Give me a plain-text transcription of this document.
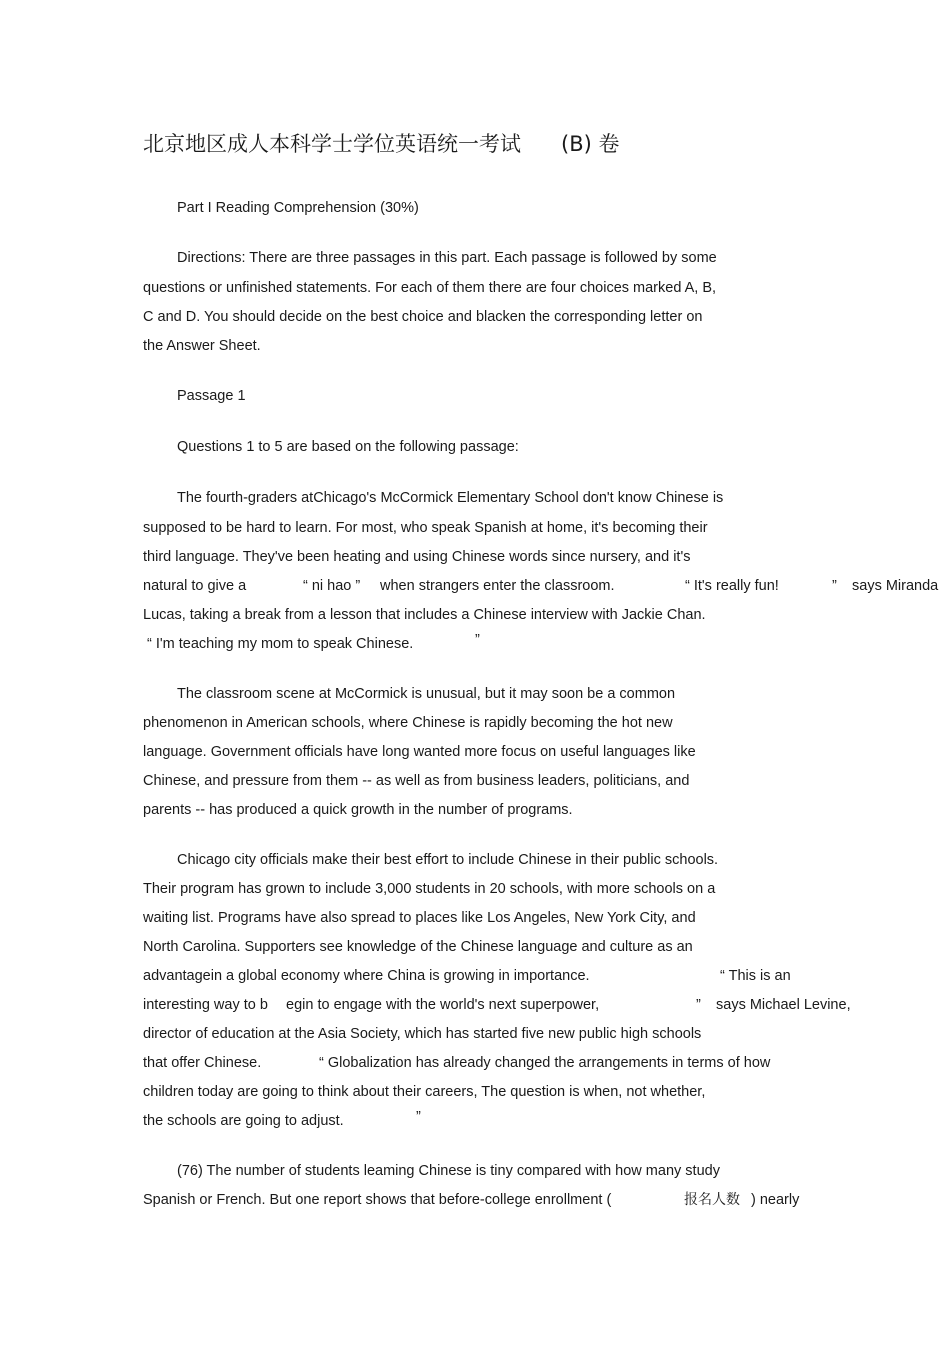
北京地区成人本科学士学位英语统一考试 (B) 卷
Part I Reading Comprehension (30%)
Directions: There are three passages in this part. Each passage is followed by some
questions or unfinished statements. For each of them there are four choices marked A, B,
C and D. You should decide on the best choice and blacken the corresponding letter on
the Answer Sheet.
Passage 1
Questions 1 to 5 are based on the following passage:
The fourth-graders atChicago's McCormick Elementary School don't know Chinese is
supposed to be hard to learn. For most, who speak Spanish at home, it's becoming their
third language. They've been heating and using Chinese words since nursery, and it's
natural to give a	“ ni hao ” when strangers enter the classroom.	“ It's really fun!	” says Miranda
Lucas, taking a break from a lesson that includes a Chinese interview with Jackie Chan.
“ I'm teaching my mom to speak Chinese.	”
The classroom scene at McCormick is unusual, but it may soon be a common
phenomenon in American schools, where Chinese is rapidly becoming the hot new
language. Government officials have long wanted more focus on useful languages like
Chinese, and pressure from them -- as well as from business leaders, politicians, and
parents -- has produced a quick growth in the number of programs.
Chicago city officials make their best effort to include Chinese in their public schools.
Their program has grown to include 3,000 students in 20 schools, with more schools on a
waiting list. Programs have also spread to places like Los Angeles, New York City, and
North Carolina. Supporters see knowledge of the Chinese language and culture as an
advantagein a global economy where China is growing in importance.	“ This is an
interesting way to b egin to engage with the world's next superpower,	” says Michael Levine,
director of education at the Asia Society, which has started five new public high schools
that offer Chinese.	“ Globalization has already changed the arrangements in terms of how
children today are going to think about their careers, The question is when, not whether,
the schools are going to adjust.	”
(76) The number of students leaming Chinese is tiny compared with how many study
Spanish or French. But one report shows that before-college enrollment (	报名人数 ) nearly
